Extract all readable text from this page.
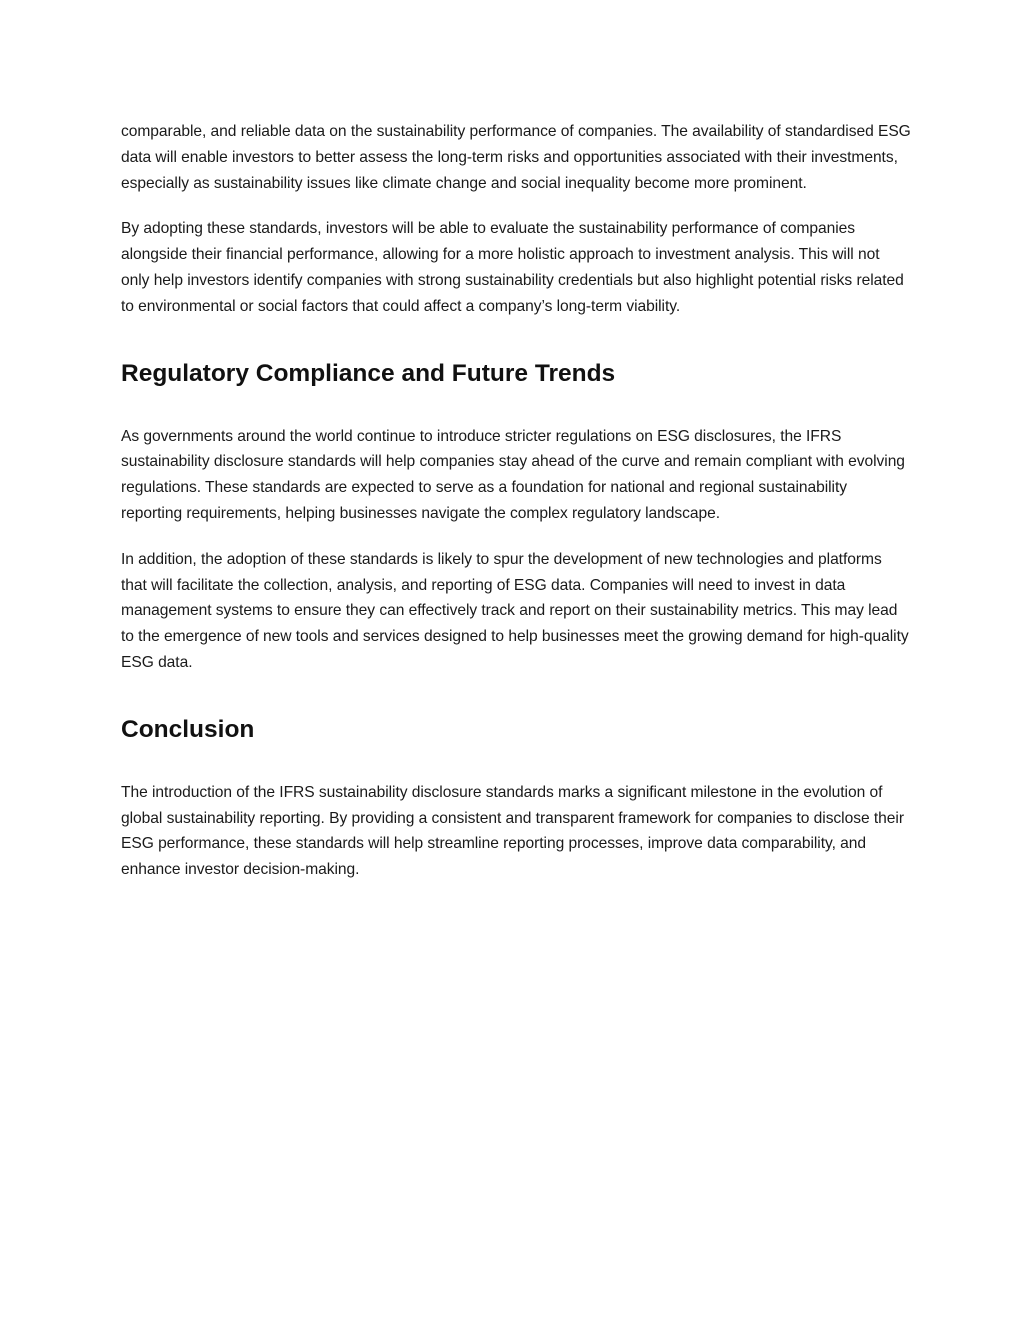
comparable, and reliable data on the sustainability performance of companies. The availability of standardised ESG data will enable investors to better assess the long-term risks and opportunities associated with their investments, especially as sustainability issues like climate change and social inequality become more prominent.

By adopting these standards, investors will be able to evaluate the sustainability performance of companies alongside their financial performance, allowing for a more holistic approach to investment analysis. This will not only help investors identify companies with strong sustainability credentials but also highlight potential risks related to environmental or social factors that could affect a company’s long-term viability.

Regulatory Compliance and Future Trends

As governments around the world continue to introduce stricter regulations on ESG disclosures, the IFRS sustainability disclosure standards will help companies stay ahead of the curve and remain compliant with evolving regulations. These standards are expected to serve as a foundation for national and regional sustainability reporting requirements, helping businesses navigate the complex regulatory landscape.

In addition, the adoption of these standards is likely to spur the development of new technologies and platforms that will facilitate the collection, analysis, and reporting of ESG data. Companies will need to invest in data management systems to ensure they can effectively track and report on their sustainability metrics. This may lead to the emergence of new tools and services designed to help businesses meet the growing demand for high-quality ESG data.

Conclusion

The introduction of the IFRS sustainability disclosure standards marks a significant milestone in the evolution of global sustainability reporting. By providing a consistent and transparent framework for companies to disclose their ESG performance, these standards will help streamline reporting processes, improve data comparability, and enhance investor decision-making.
